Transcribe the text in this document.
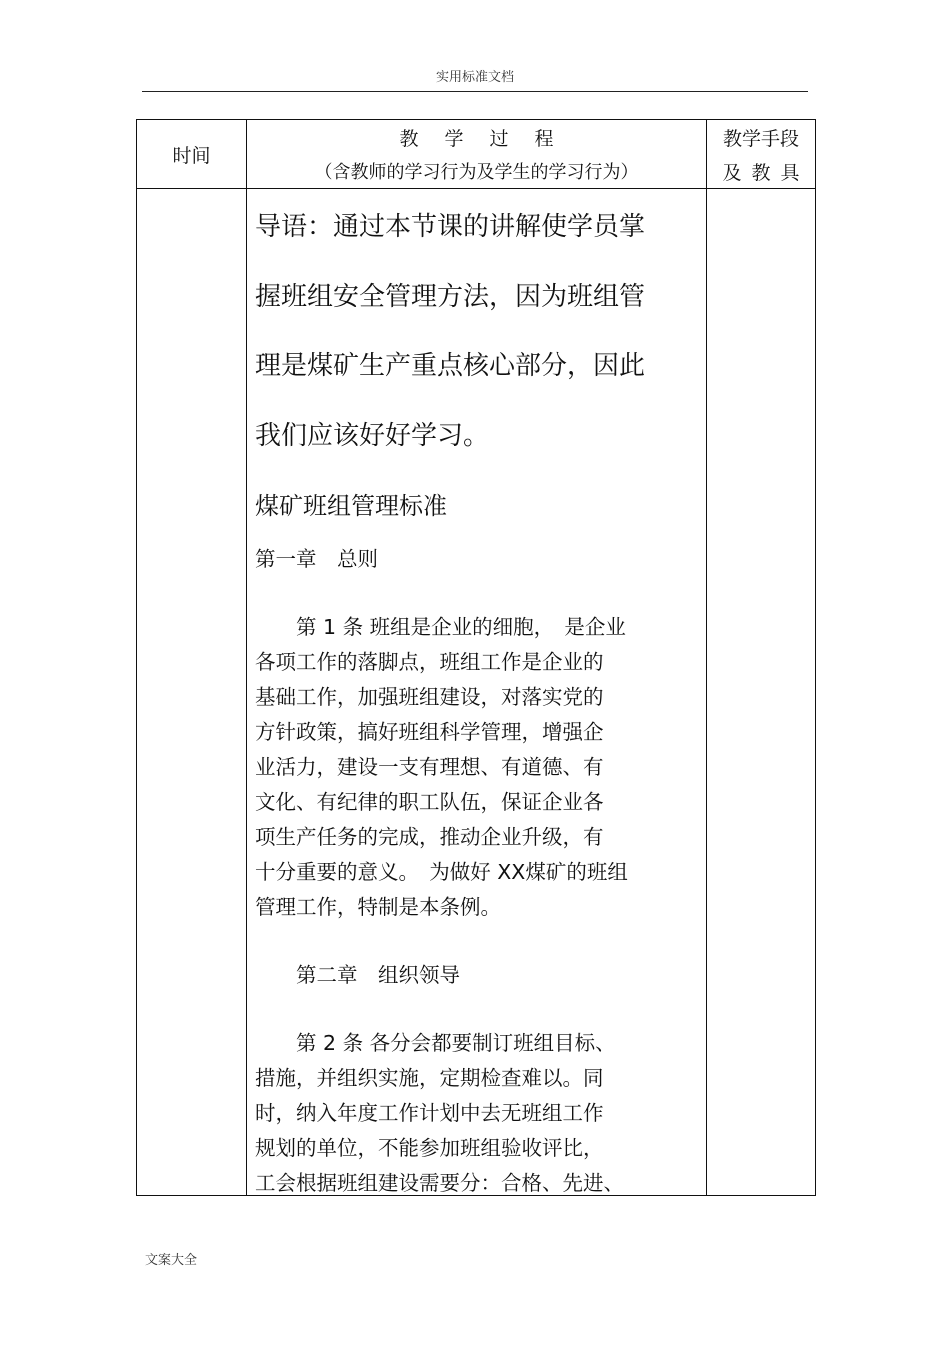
实用标准文档
时间
教学过程
（含教师的学习行为及学生的学习行为）
教学手段
及教具
导语：通过本节课的讲解使学员掌
握班组安全管理方法，因为班组管
理是煤矿生产重点核心部分，因此
我们应该好好学习。
煤矿班组管理标准
第一章　总则
　　第 1 条 班组是企业的细胞，　是企业
各项工作的落脚点，班组工作是企业的
基础工作，加强班组建设，对落实党的
方针政策，搞好班组科学管理，增强企
业活力，建设一支有理想、有道德、有
文化、有纪律的职工队伍，保证企业各
项生产任务的完成，推动企业升级，有
十分重要的意义。　为做好 XX煤矿的班组
管理工作，特制是本条例。
　　第二章　组织领导
　　第 2 条 各分会都要制订班组目标、
措施，并组织实施，定期检查难以。同
时，纳入年度工作计划中去无班组工作
规划的单位，不能参加班组验收评比，
工会根据班组建设需要分：合格、先进、
文案大全
